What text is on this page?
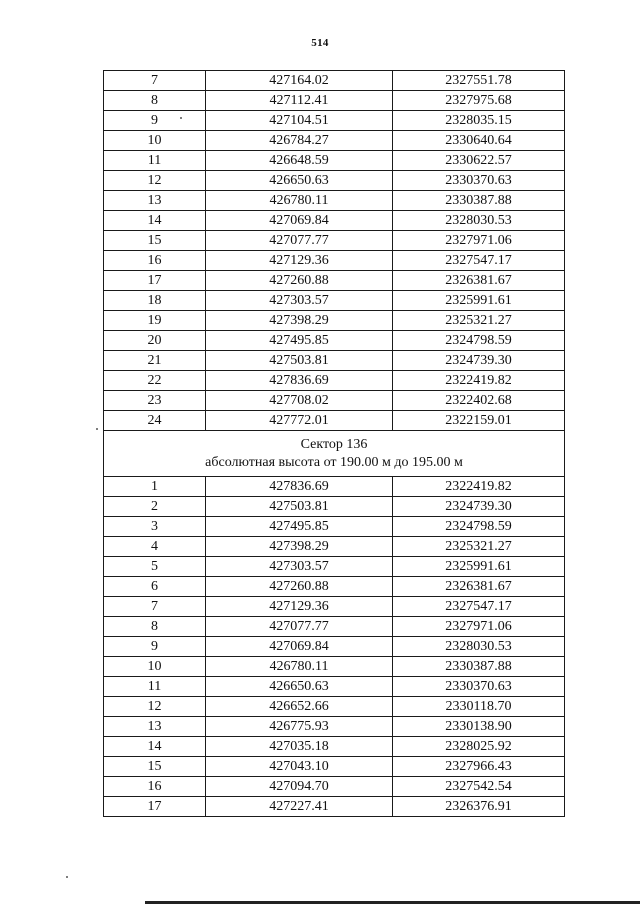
514
7	427164.02	2327551.78
8	427112.41	2327975.68
9	427104.51	2328035.15
10	426784.27	2330640.64
11	426648.59	2330622.57
12	426650.63	2330370.63
13	426780.11	2330387.88
14	427069.84	2328030.53
15	427077.77	2327971.06
16	427129.36	2327547.17
17	427260.88	2326381.67
18	427303.57	2325991.61
19	427398.29	2325321.27
20	427495.85	2324798.59
21	427503.81	2324739.30
22	427836.69	2322419.82
23	427708.02	2322402.68
24	427772.01	2322159.01

Сектор 136
абсолютная высота от 190.00 м до 195.00 м		

1	427836.69	2322419.82
2	427503.81	2324739.30
3	427495.85	2324798.59
4	427398.29	2325321.27
5	427303.57	2325991.61
6	427260.88	2326381.67
7	427129.36	2327547.17
8	427077.77	2327971.06
9	427069.84	2328030.53
10	426780.11	2330387.88
11	426650.63	2330370.63
12	426652.66	2330118.70
13	426775.93	2330138.90
14	427035.18	2328025.92
15	427043.10	2327966.43
16	427094.70	2327542.54
17	427227.41	2326376.91
